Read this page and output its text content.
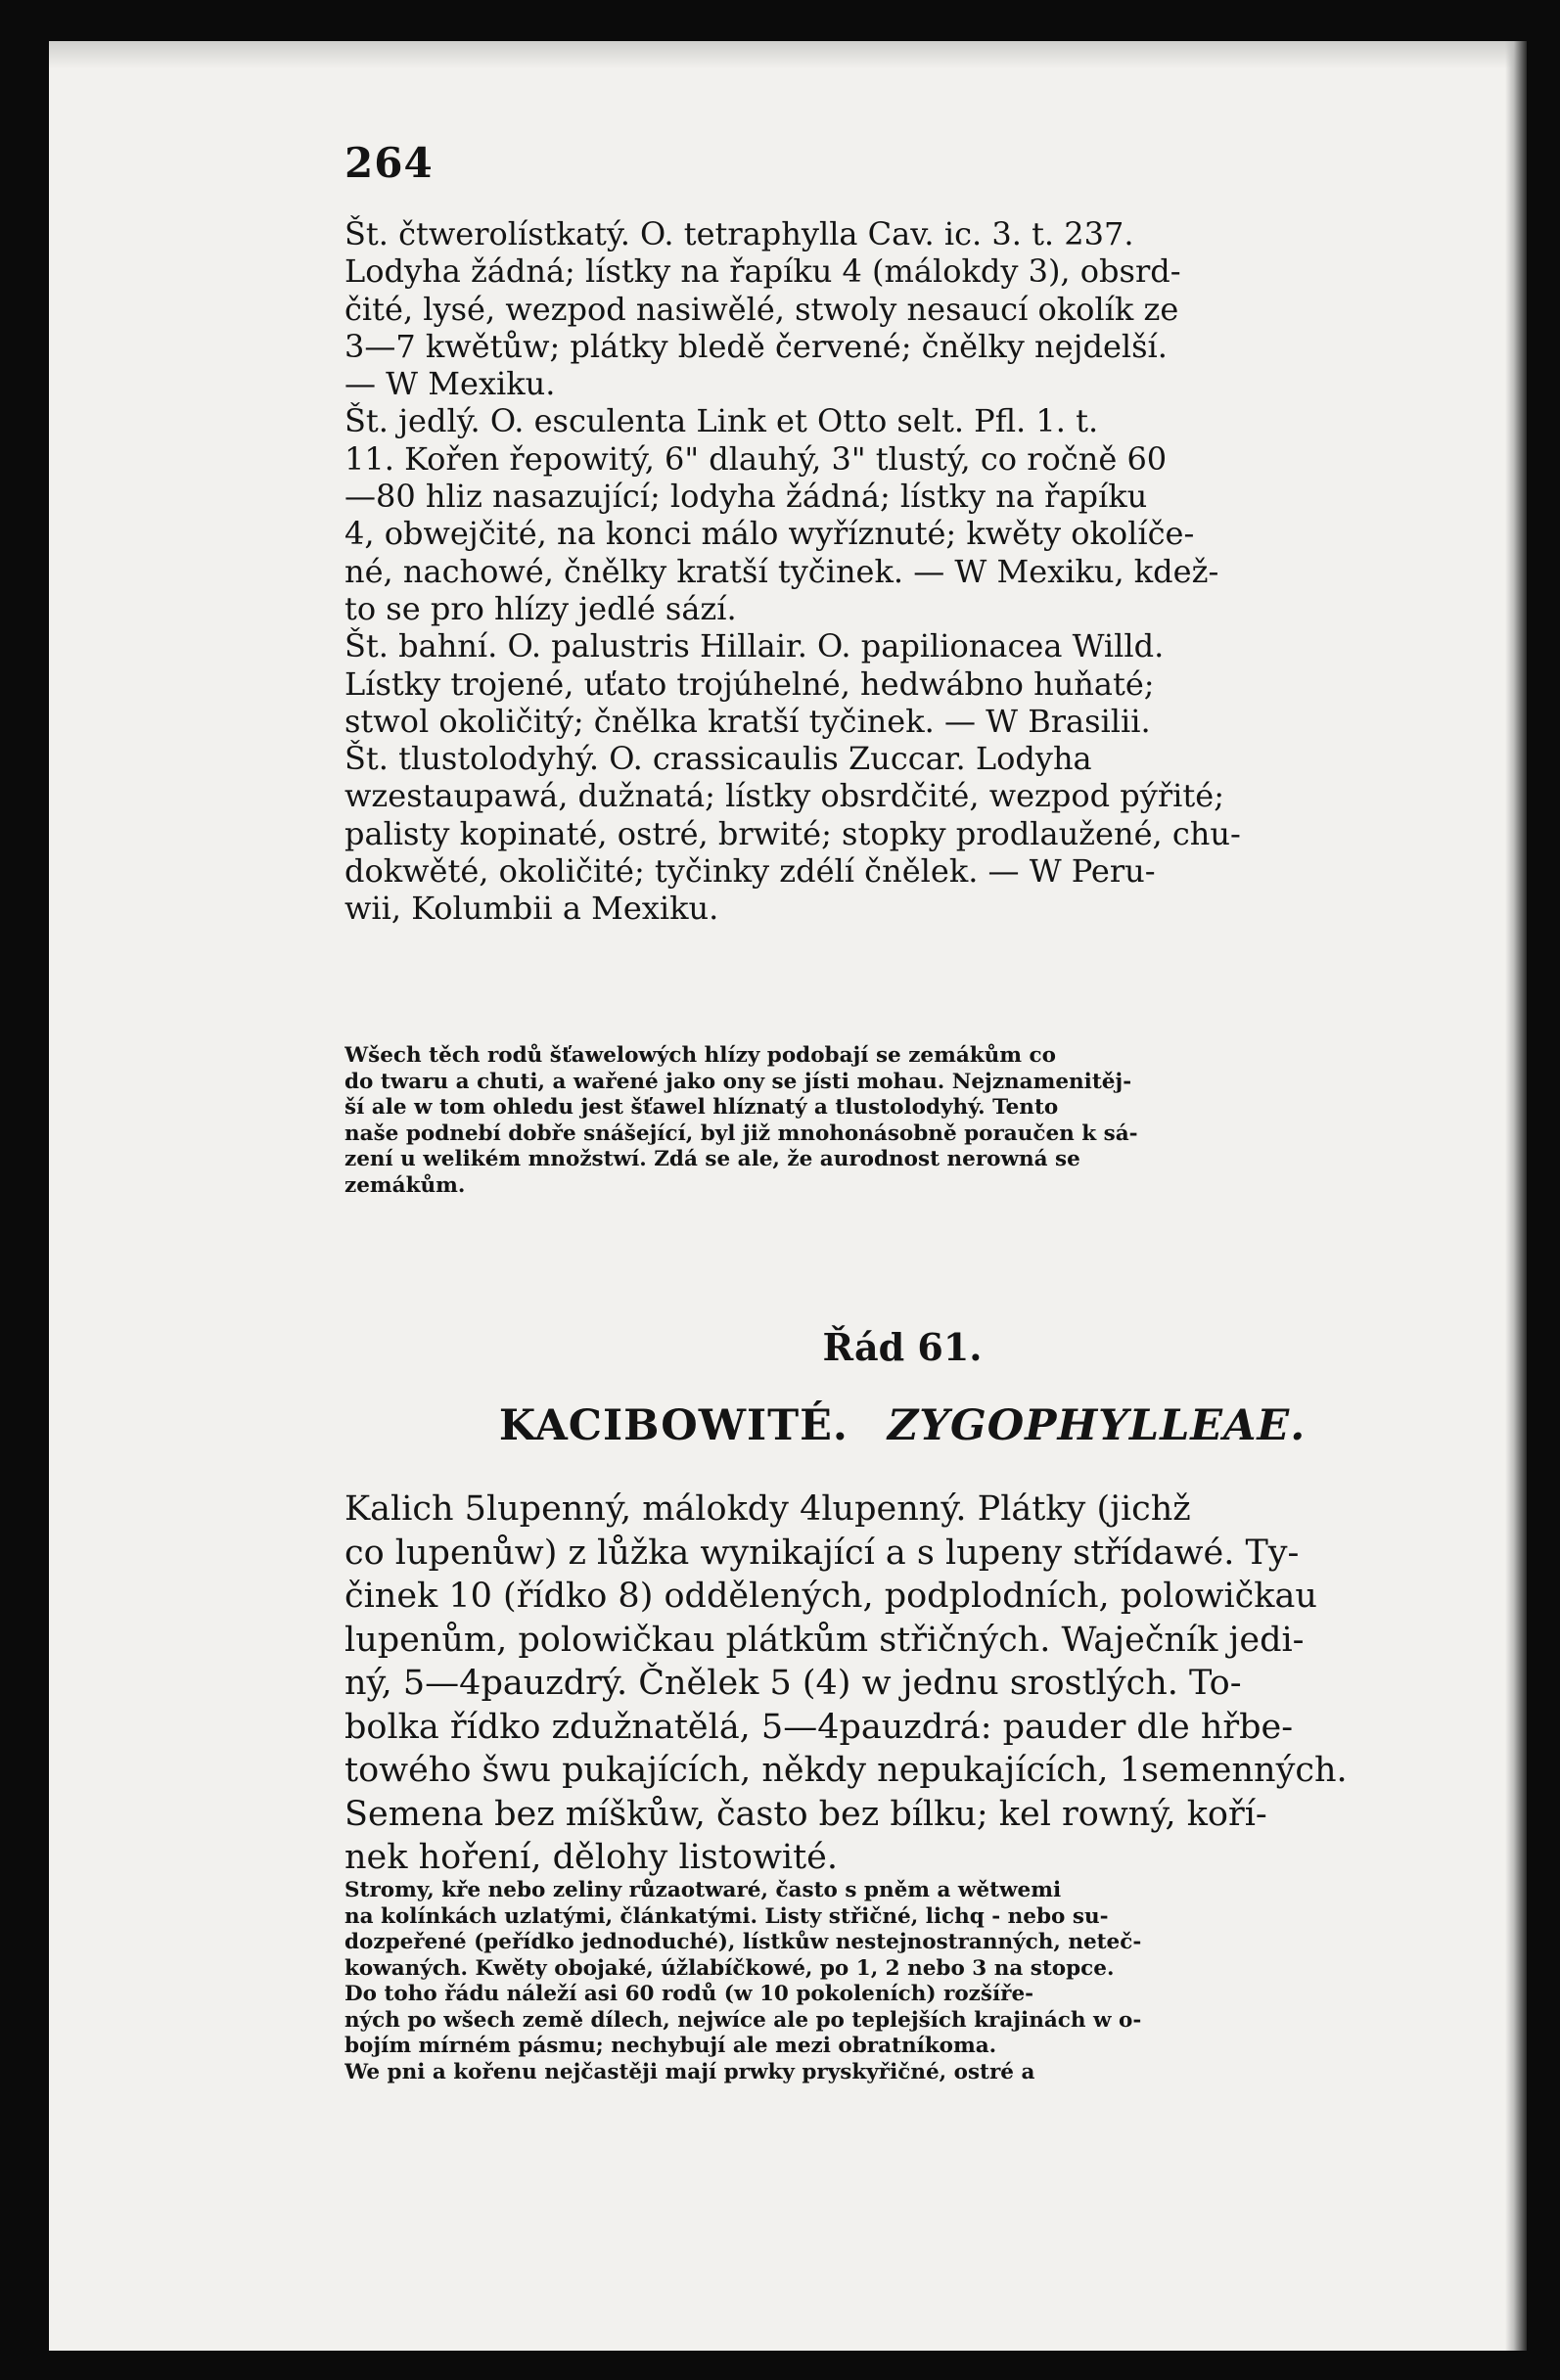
264
Št. čtwerolístkatý. O. tetraphylla Cav. ic. 3. t. 237.
Lodyha žádná; lístky na řapíku 4 (málokdy 3), obsrd-
čité, lysé, wezpod nasiwělé, stwoly nesaucí okolík ze
3—7 kwětůw; plátky bledě červené; čnělky nejdelší.
— W Mexiku.
Št. jedlý. O. esculenta Link et Otto selt. Pfl. 1. t.
11. Kořen řepowitý, 6" dlauhý, 3" tlustý, co ročně 60
—80 hliz nasazující; lodyha žádná; lístky na řapíku
4, obwejčité, na konci málo wyříznuté; kwěty okolíče-
né, nachowé, čnělky kratší tyčinek. — W Mexiku, kdež-
to se pro hlízy jedlé sází.
Št. bahní. O. palustris Hillair. O. papilionacea Willd.
Lístky trojené, uťato trojúhelné, hedwábno huňaté;
stwol okoličitý; čnělka kratší tyčinek. — W Brasilii.
Št. tlustolodyhý. O. crassicaulis Zuccar. Lodyha
wzestaupawá, dužnatá; lístky obsrdčité, wezpod pýřité;
palisty kopinaté, ostré, brwité; stopky prodlaužené, chu-
dokwěté, okoličité; tyčinky zdélí čnělek. — W Peru-
wii, Kolumbii a Mexiku.
Wšech těch rodů šťawelowých hlízy podobají se zemákům co
do twaru a chuti, a wařené jako ony se jísti mohau. Nejznamenitěj-
ší ale w tom ohledu jest šťawel hlíznatý a tlustolodyhý. Tento
naše podnebí dobře snášející, byl již mnohonásobně poraučen k sá-
zení u welikém množstwí. Zdá se ale, že aurodnost nerowná se
zemákům.
Řád 61.
KACIBOWITÉ. ZYGOPHYLLEAE.
Kalich 5lupenný, málokdy 4lupenný. Plátky (jichž
co lupenůw) z lůžka wynikající a s lupeny střídawé. Ty-
činek 10 (řídko 8) oddělených, podplodních, polowičkau
lupenům, polowičkau plátkům střičných. Waječník jedi-
ný, 5—4pauzdrý. Čnělek 5 (4) w jednu srostlých. To-
bolka řídko zdužnatělá, 5—4pauzdrá: pauder dle hřbe-
towého šwu pukajících, někdy nepukajících, 1semenných.
Semena bez míškůw, často bez bílku; kel rowný, koří-
nek hoření, dělohy listowité.
Stromy, kře nebo zeliny růzaotwaré, často s pněm a wětwemi
na kolínkách uzlatými, článkatými. Listy střičné, lichq - nebo su-
dozpeřené (peřídko jednoduché), lístkůw nestejnostranných, neteč-
kowaných. Kwěty obojaké, úžlabíčkowé, po 1, 2 nebo 3 na stopce.
Do toho řádu náleží asi 60 rodů (w 10 pokoleních) rozšíře-
ných po wšech země dílech, nejwíce ale po teplejších krajinách w o-
bojím mírném pásmu; nechybují ale mezi obratníkoma.
We pni a kořenu nejčastěji mají prwky pryskyřičné, ostré a
